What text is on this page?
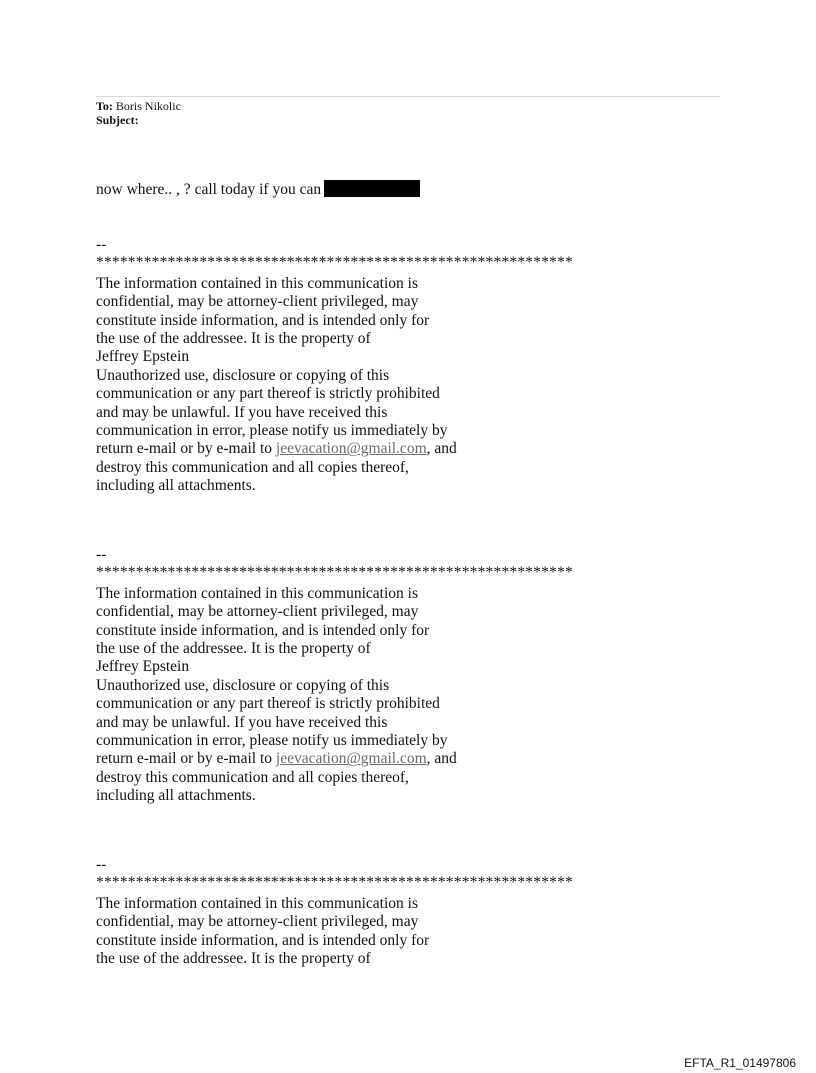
To: Boris Nikolic
Subject:
now where.. , ? call today if you can
--
************************************************************
The information contained in this communication is
confidential, may be attorney-client privileged, may
constitute inside information, and is intended only for
the use of the addressee. It is the property of
Jeffrey Epstein
Unauthorized use, disclosure or copying of this
communication or any part thereof is strictly prohibited
and may be unlawful. If you have received this
communication in error, please notify us immediately by
return e-mail or by e-mail to jeevacation@gmail.com, and
destroy this communication and all copies thereof,
including all attachments.
--
************************************************************
The information contained in this communication is
confidential, may be attorney-client privileged, may
constitute inside information, and is intended only for
the use of the addressee. It is the property of
Jeffrey Epstein
Unauthorized use, disclosure or copying of this
communication or any part thereof is strictly prohibited
and may be unlawful. If you have received this
communication in error, please notify us immediately by
return e-mail or by e-mail to jeevacation@gmail.com, and
destroy this communication and all copies thereof,
including all attachments.
--
************************************************************
The information contained in this communication is
confidential, may be attorney-client privileged, may
constitute inside information, and is intended only for
the use of the addressee. It is the property of
EFTA_R1_01497806
